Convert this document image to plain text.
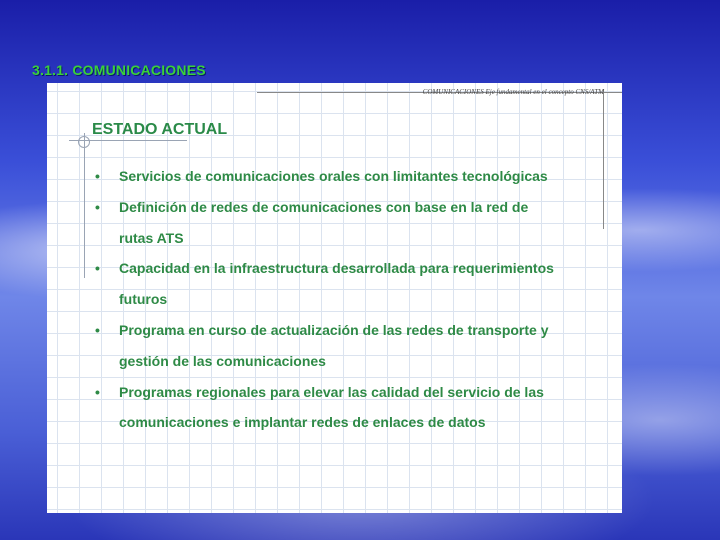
3.1.1. COMUNICACIONES
COMUNICACIONES Eje fundamental en el concepto CNS/ATM
ESTADO ACTUAL
• Servicios de comunicaciones orales con limitantes tecnológicas
• Definición de redes de comunicaciones con base en la red de rutas ATS
• Capacidad en la infraestructura desarrollada para requerimientos futuros
• Programa en curso de actualización de las redes de transporte y gestión de las comunicaciones
• Programas regionales para elevar las calidad del servicio de las comunicaciones e implantar redes de enlaces de datos
